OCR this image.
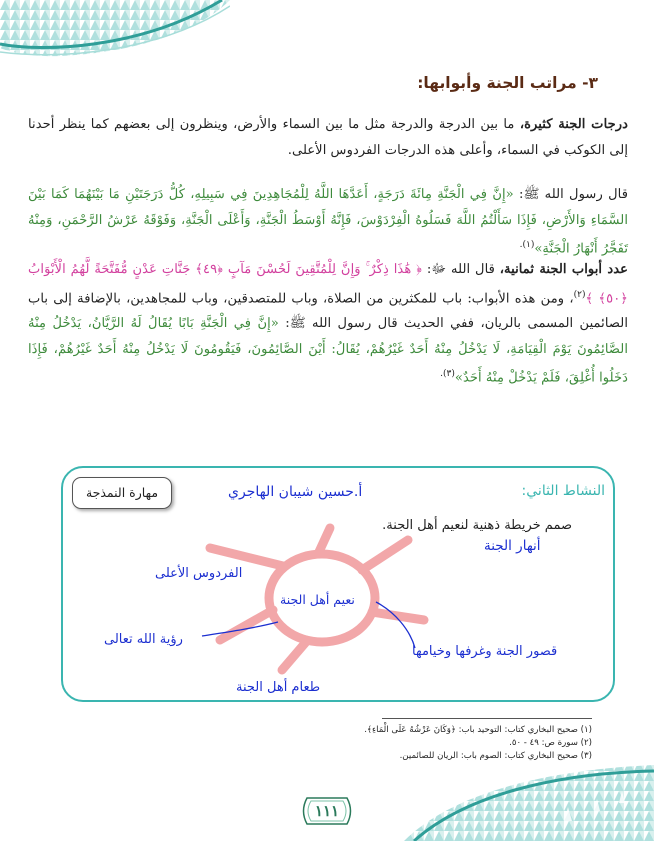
٣- مراتب الجنة وأبوابها:
درجات الجنة كثيرة، ما بين الدرجة والدرجة مثل ما بين السماء والأرض، وينظرون إلى بعضهم كما ينظر أحدنا إلى الكوكب في السماء، وأعلى هذه الدرجات الفردوس الأعلى.
قال رسول الله ﷺ: «إِنَّ فِي الْجَنَّةِ مِائَةَ دَرَجَةٍ، أَعَدَّهَا اللَّهُ لِلْمُجَاهِدِينَ فِي سَبِيلِهِ، كُلُّ دَرَجَتَيْنِ مَا بَيْنَهُمَا كَمَا بَيْنَ السَّمَاءِ وَالأَرْضِ، فَإِذَا سَأَلْتُمُ اللَّهَ فَسَلُوهُ الْفِرْدَوْسَ، فَإِنَّهُ أَوْسَطُ الْجَنَّةِ، وَأَعْلَى الْجَنَّةِ، وَفَوْقَهُ عَرْشُ الرَّحْمَنِ، وَمِنْهُ تَفَجَّرُ أَنْهَارُ الْجَنَّةِ»$^{(١).}$
عدد أبواب الجنة ثمانية، قال الله ﷻ: ﴿ هَٰذَا ذِكْرٌ ۚ وَإِنَّ لِلْمُتَّقِينَ لَحُسْنَ مَآبٍ ﴿٤٩﴾ جَنَّاتِ عَدْنٍ مُّفَتَّحَةً لَّهُمُ الْأَبْوَابُ ﴿٥٠﴾ ﴾$^{(٢)}$، ومن هذه الأبواب: باب للمكثرين من الصلاة، وباب للمتصدقين، وباب للمجاهدين، بالإضافة إلى باب الصائمين المسمى بالريان، ففي الحديث قال رسول الله ﷺ: «إِنَّ فِي الْجَنَّةِ بَابًا يُقَالُ لَهُ الرَّيَّانُ، يَدْخُلُ مِنْهُ الصَّائِمُونَ يَوْمَ الْقِيَامَةِ، لَا يَدْخُلُ مِنْهُ أَحَدٌ غَيْرُهُمْ، يُقَالُ: أَيْنَ الصَّائِمُونَ، فَيَقُومُونَ لَا يَدْخُلُ مِنْهُ أَحَدٌ غَيْرُهُمْ، فَإِذَا دَخَلُوا أُغْلِقَ، فَلَمْ يَدْخُلْ مِنْهُ أَحَدٌ»$^{(٣).}$
مهارة النمذجة	النشاط الثاني:
صمم خريطة ذهنية لنعيم أهل الجنة.
أ.حسين شيبان الهاجري
نعيم أهل الجنة
أنهار الجنة
الفردوس الأعلى
رؤية الله تعالى
قصور الجنة وغرفها وخيامها
طعام أهل الجنة
(١) صحيح البخاري كتاب: التوحيد باب: ﴿وَكَانَ عَرْشُهُ عَلَى الْمَاءِ﴾.
(٢) سورة ص: ٤٩ - ٥٠.
(٣) صحيح البخاري كتاب: الصوم باب: الريان للصائمين.
١١١
